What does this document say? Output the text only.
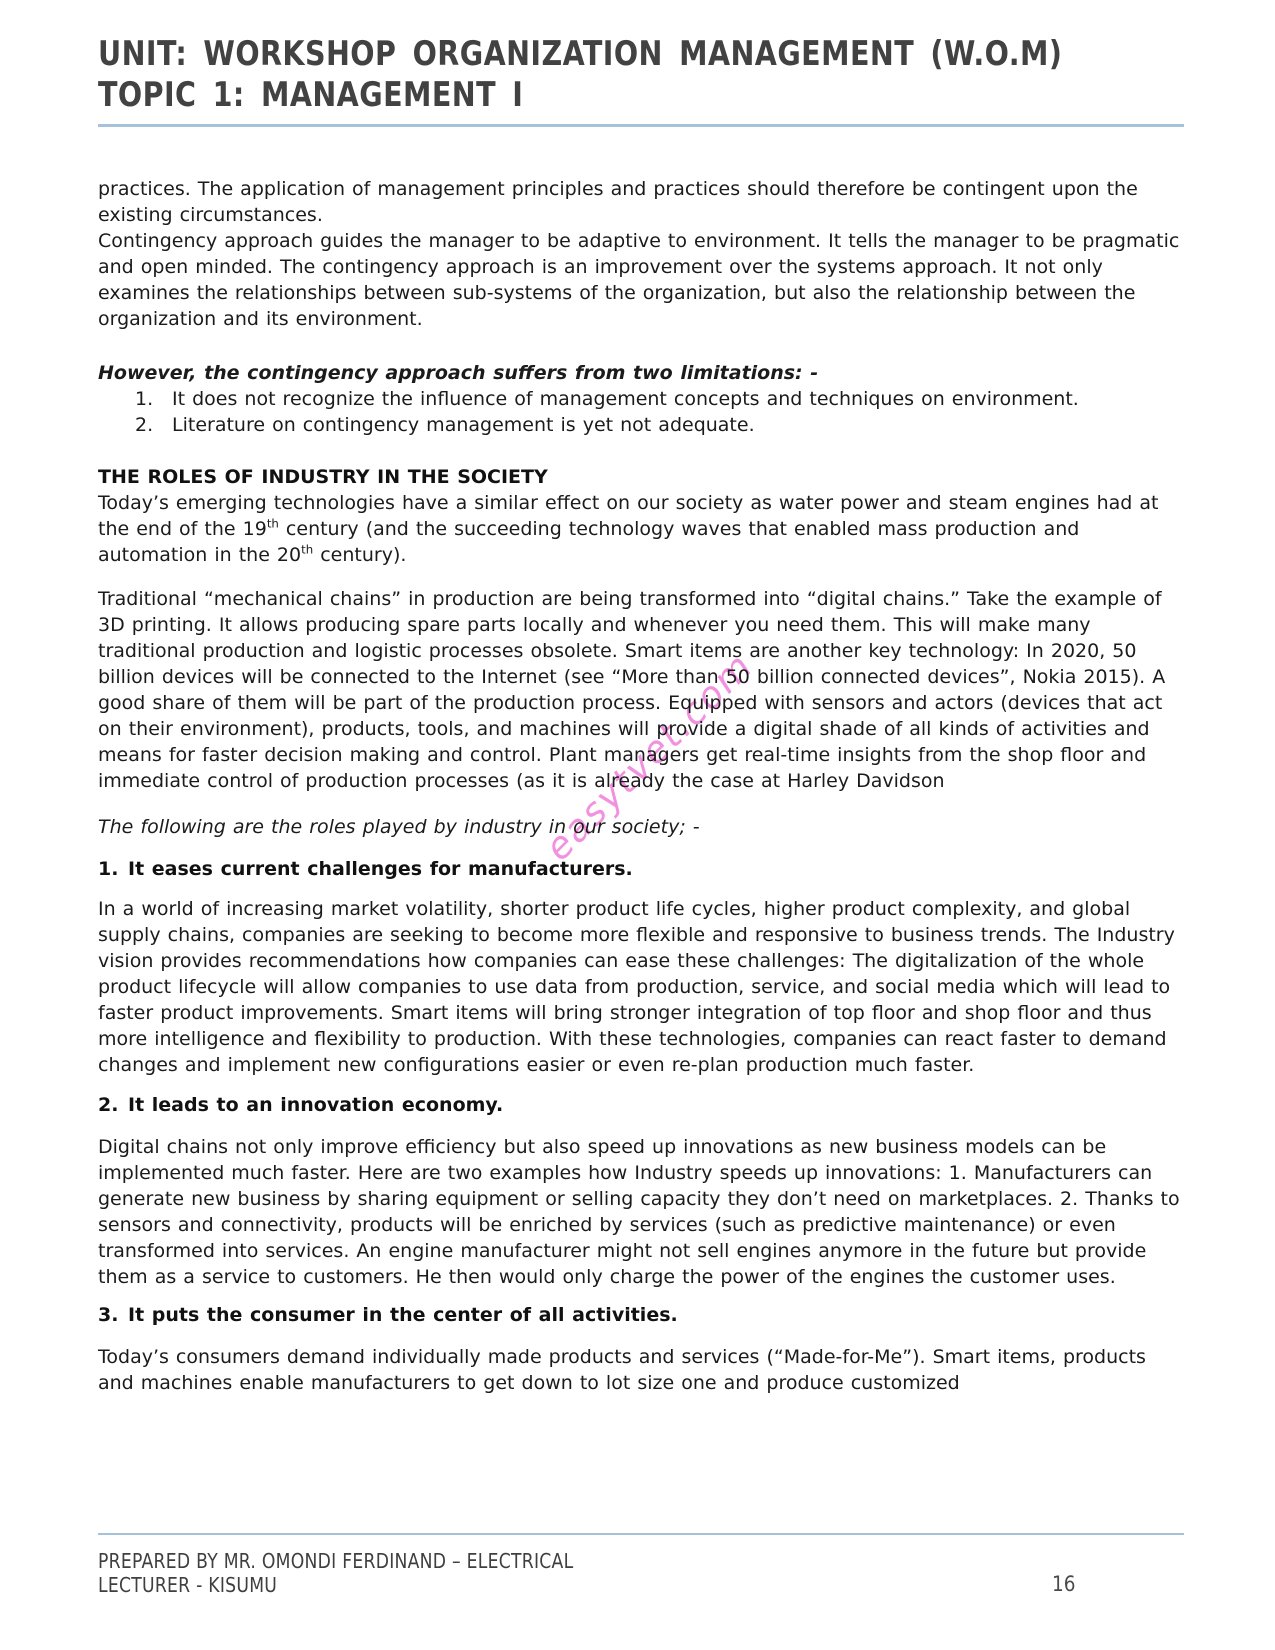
easytvet.com
UNIT: WORKSHOP ORGANIZATION MANAGEMENT (W.O.M)
TOPIC 1: MANAGEMENT I

practices. The application of management principles and practices should therefore be contingent upon the existing circumstances.

Contingency approach guides the manager to be adaptive to environment. It tells the manager to be pragmatic and open minded. The contingency approach is an improvement over the systems approach. It not only examines the relationships between sub-systems of the organization, but also the relationship between the organization and its environment.

However, the contingency approach suffers from two limitations: -

1. It does not recognize the influence of management concepts and techniques on environment.
2. Literature on contingency management is yet not adequate.

THE ROLES OF INDUSTRY IN THE SOCIETY

Today’s emerging technologies have a similar effect on our society as water power and steam engines had at the end of the 19th century (and the succeeding technology waves that enabled mass production and automation in the 20th century).

Traditional “mechanical chains” in production are being transformed into “digital chains.” Take the example of 3D printing. It allows producing spare parts locally and whenever you need them. This will make many traditional production and logistic processes obsolete. Smart items are another key technology: In 2020, 50 billion devices will be connected to the Internet (see “More than 50 billion connected devices”, Nokia 2015). A good share of them will be part of the production process. Equipped with sensors and actors (devices that act on their environment), products, tools, and machines will provide a digital shade of all kinds of activities and means for faster decision making and control. Plant managers get real-time insights from the shop floor and immediate control of production processes (as it is already the case at Harley Davidson

The following are the roles played by industry in our society; -

1. It eases current challenges for manufacturers.

In a world of increasing market volatility, shorter product life cycles, higher product complexity, and global supply chains, companies are seeking to become more flexible and responsive to business trends. The Industry vision provides recommendations how companies can ease these challenges: The digitalization of the whole product lifecycle will allow companies to use data from production, service, and social media which will lead to faster product improvements. Smart items will bring stronger integration of top floor and shop floor and thus more intelligence and flexibility to production. With these technologies, companies can react faster to demand changes and implement new configurations easier or even re-plan production much faster.

2. It leads to an innovation economy.

Digital chains not only improve efficiency but also speed up innovations as new business models can be implemented much faster. Here are two examples how Industry speeds up innovations: 1. Manufacturers can generate new business by sharing equipment or selling capacity they don’t need on marketplaces. 2. Thanks to sensors and connectivity, products will be enriched by services (such as predictive maintenance) or even transformed into services. An engine manufacturer might not sell engines anymore in the future but provide them as a service to customers. He then would only charge the power of the engines the customer uses.

3. It puts the consumer in the center of all activities.

Today’s consumers demand individually made products and services (“Made-for-Me”). Smart items, products and machines enable manufacturers to get down to lot size one and produce customized

PREPARED BY MR. OMONDI FERDINAND – ELECTRICAL
LECTURER - KISUMU	16
